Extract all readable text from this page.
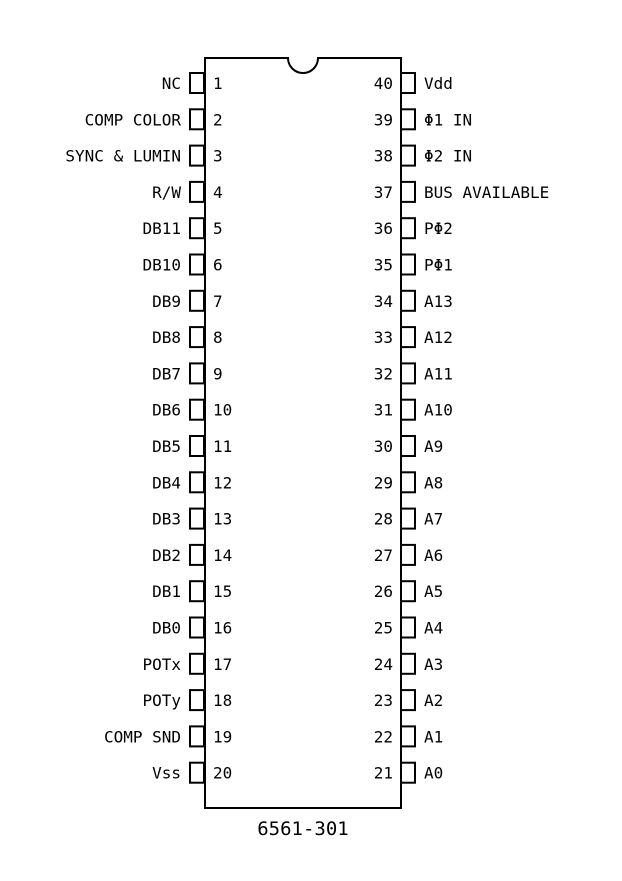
1
NC
2
COMP COLOR
3
SYNC & LUMIN
4
R/W
5
DB11
6
DB10
7
DB9
8
DB8
9
DB7
10
DB6
11
DB5
12
DB4
13
DB3
14
DB2
15
DB1
16
DB0
17
POTx
18
POTy
19
COMP SND
20
Vss
40 Vdd
39 Φ1 IN
38 Φ2 IN
37 BUS AVAILABLE
36 PΦ2
35 PΦ1
34 A13
33 A12
32 A11
31 A10
30 A9
29 A8
28 A7
27 A6
26 A5
25 A4
24 A3
23 A2
22 A1
21 A0
6561-301
